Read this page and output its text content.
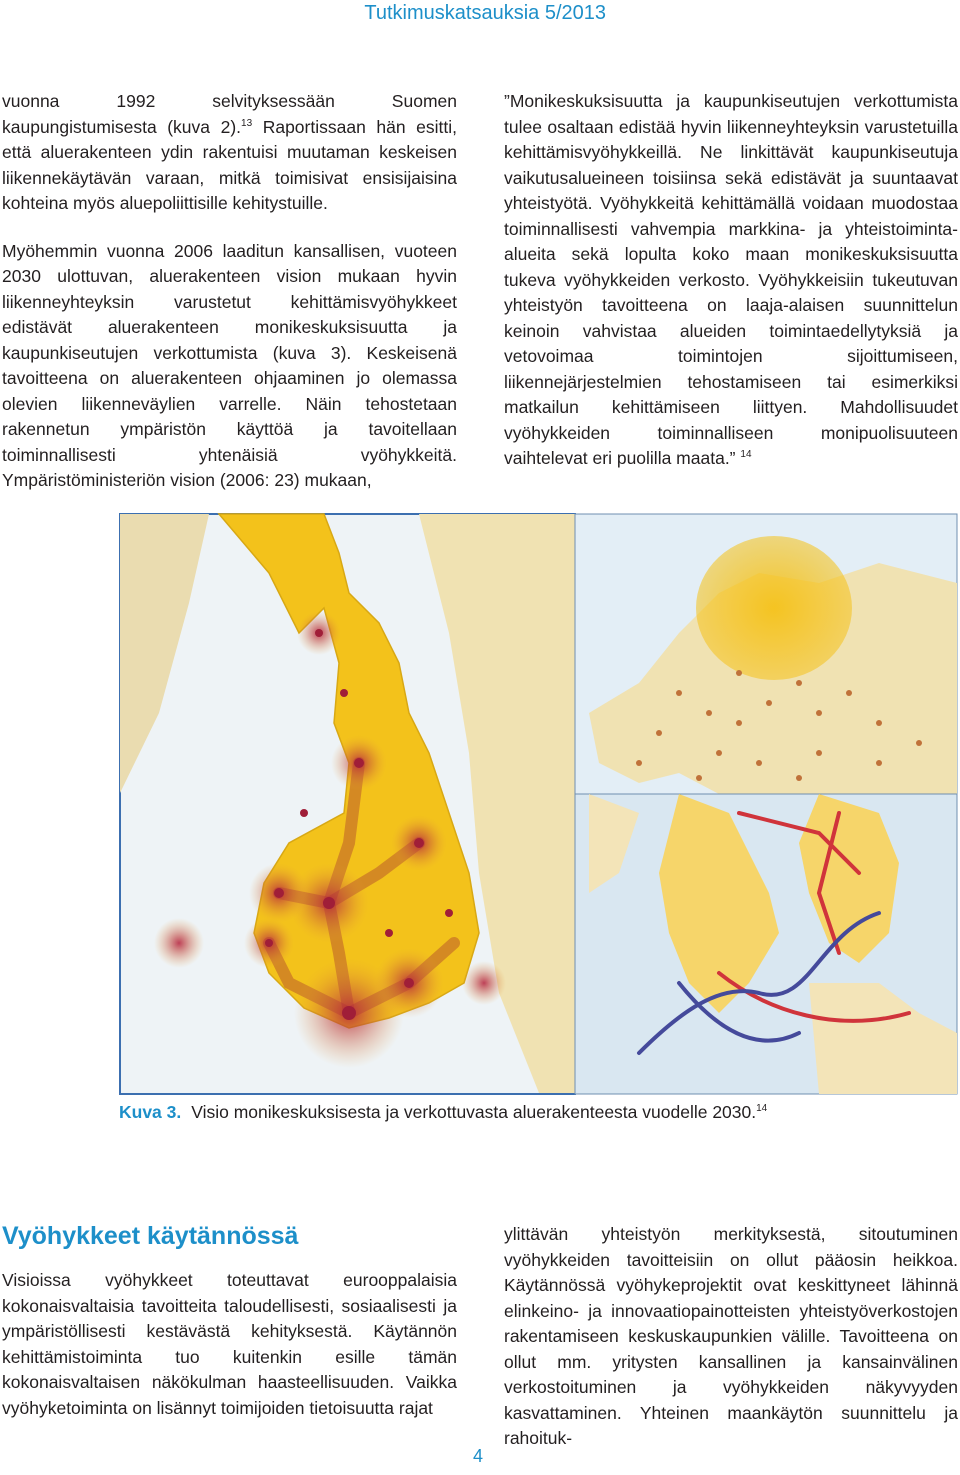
Tutkimuskatsauksia 5/2013

vuonna 1992 selvityksessään Suomen kaupungistumisesta (kuva 2).$^{13}$ Raportissaan hän esitti, että aluerakenteen ydin rakentuisi muutaman keskeisen liikennekäytävän varaan, mitkä toimisivat ensisijaisina kohteina myös aluepoliittisille kehitystuille.

Myöhemmin vuonna 2006 laaditun kansallisen, vuoteen 2030 ulottuvan, aluerakenteen vision mukaan hyvin liikenneyhteyksin varustetut kehittämisvyöhykkeet edistävät aluerakenteen monikeskuksisuutta ja kaupunkiseutujen verkottumista (kuva 3). Keskeisenä tavoitteena on aluerakenteen ohjaaminen jo olemassa olevien liikenneväylien varrelle. Näin tehostetaan rakennetun ympäristön käyttöä ja tavoitellaan toiminnallisesti yhtenäisiä vyöhykkeitä. Ympäristöministeriön vision (2006: 23) mukaan,

”Monikeskuksisuutta ja kaupunkiseutujen verkottumista tulee osaltaan edistää hyvin liikenneyhteyksin varustetuilla kehittämisvyöhykkeillä. Ne linkittävät kaupunkiseutuja vaikutusalueineen toisiinsa sekä edistävät ja suuntaavat yhteistyötä. Vyöhykkeitä kehittämällä voidaan muodostaa toiminnallisesti vahvempia markkina- ja yhteistoiminta-alueita sekä lopulta koko maan monikeskuksisuutta tukeva vyöhykkeiden verkosto. Vyöhykkeisiin tukeutuvan yhteistyön tavoitteena on laaja-alaisen suunnittelun keinoin vahvistaa alueiden toimintaedellytyksiä ja vetovoimaa toimintojen sijoittumiseen, liikennejärjestelmien tehostamiseen tai esimerkiksi matkailun kehittämiseen liittyen. Mahdollisuudet vyöhykkeiden toiminnalliseen monipuolisuuteen vaihtelevat eri puolilla maata.” $^{14}$

Kuva 3. Visio monikeskuksisesta ja verkottuvasta aluerakenteesta vuodelle 2030.14
Vyöhykkeet käytännössä

Visioissa vyöhykkeet toteuttavat eurooppalaisia kokonaisvaltaisia tavoitteita taloudellisesti, sosiaalisesti ja ympäristöllisesti kestävästä kehityksestä. Käytännön kehittämistoiminta tuo kuitenkin esille tämän kokonaisvaltaisen näkökulman haasteellisuuden. Vaikka vyöhyketoiminta on lisännyt toimijoiden tietoisuutta rajat

ylittävän yhteistyön merkityksestä, sitoutuminen vyöhykkeiden tavoitteisiin on ollut pääosin heikkoa. Käytännössä vyöhykeprojektit ovat keskittyneet lähinnä elinkeino- ja innovaatiopainotteisten yhteistyöverkostojen rakentamiseen keskuskaupunkien välille. Tavoitteena on ollut mm. yritysten kansallinen ja kansainvälinen verkostoituminen ja vyöhykkeiden näkyvyyden kasvattaminen. Yhteinen maankäytön suunnittelu ja rahoituk-

4
